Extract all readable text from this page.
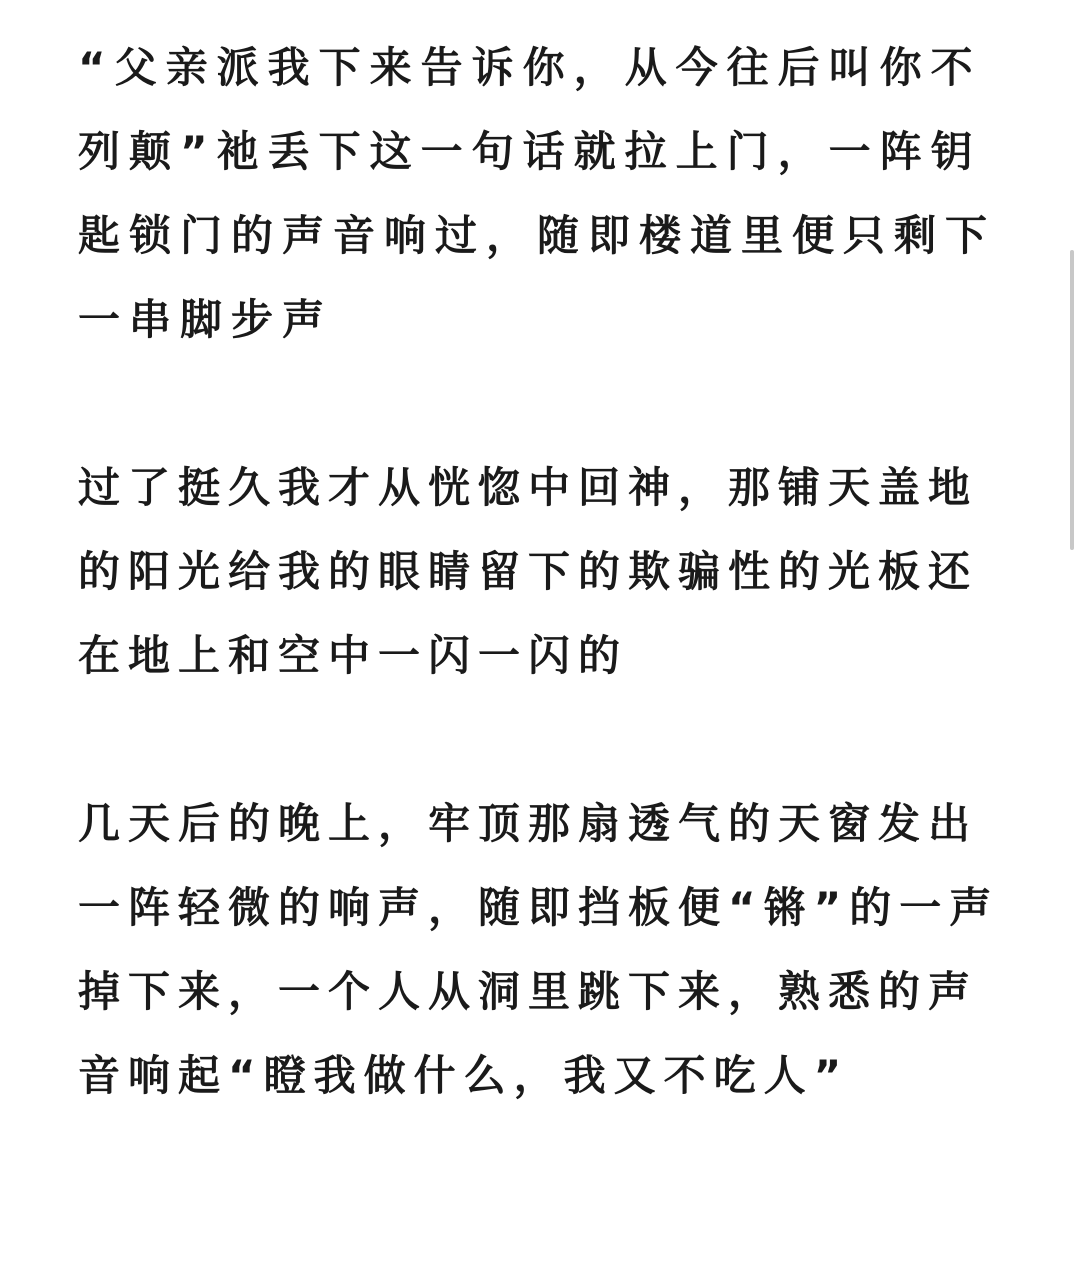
“父亲派我下来告诉你，从今往后叫你不列颠”祂丢下这一句话就拉上门，一阵钥匙锁门的声音响过，随即楼道里便只剩下一串脚步声

过了挺久我才从恍惚中回神，那铺天盖地的阳光给我的眼睛留下的欺骗性的光板还在地上和空中一闪一闪的

几天后的晚上，牢顶那扇透气的天窗发出一阵轻微的响声，随即挡板便“锵”的一声掉下来，一个人从洞里跳下来，熟悉的声音响起“瞪我做什么，我又不吃人”
